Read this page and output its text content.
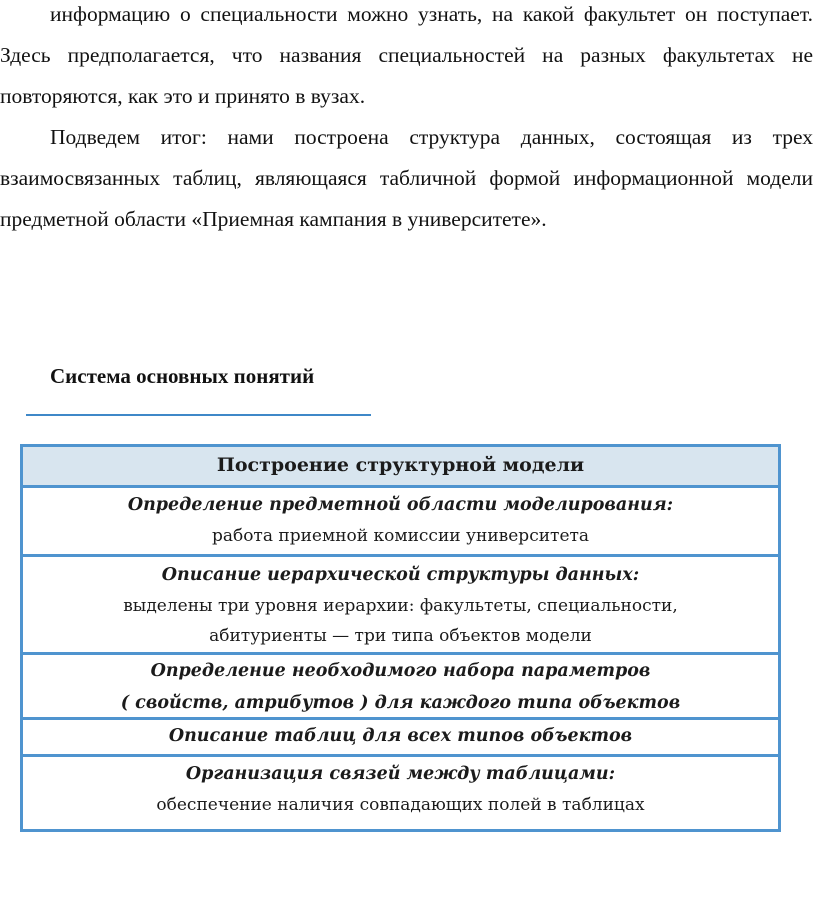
информацию о специальности можно узнать, на какой факультет он поступает. Здесь предполагается, что названия специальностей на разных факультетах не повторяются, как это и принято в вузах.

Подведем итог: нами построена структура данных, состоящая из трех взаимосвязанных таблиц, являющаяся табличной формой информационной модели предметной области «Приемная кампания в университете».

Система основных понятий
Построение структурной модели
Определение предметной области моделирования:
работа приемной комиссии университета
Описание иерархической структуры данных:
выделены три уровня иерархии: факультеты, специальности,
абитуриенты — три типа объектов модели
Определение необходимого набора параметров
( свойств, атрибутов ) для каждого типа объектов
Описание таблиц для всех типов объектов
Организация связей между таблицами:
обеспечение наличия совпадающих полей в таблицах
